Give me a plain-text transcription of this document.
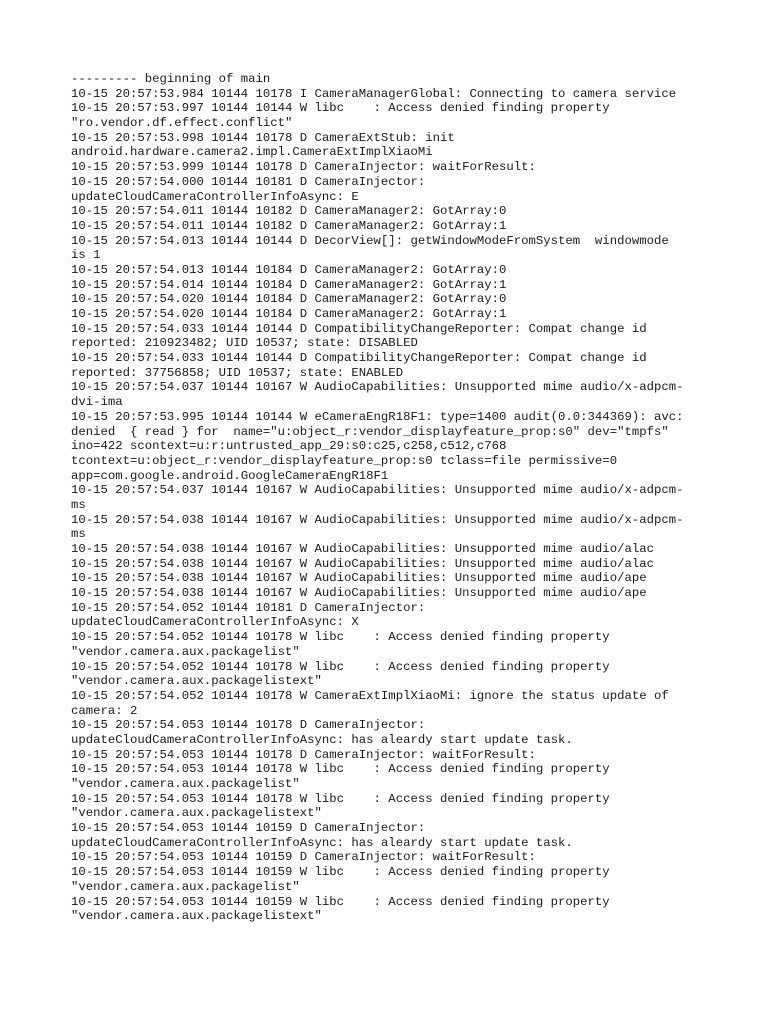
--------- beginning of main
10-15 20:57:53.984 10144 10178 I CameraManagerGlobal: Connecting to camera service
10-15 20:57:53.997 10144 10144 W libc    : Access denied finding property
"ro.vendor.df.effect.conflict"
10-15 20:57:53.998 10144 10178 D CameraExtStub: init
android.hardware.camera2.impl.CameraExtImplXiaoMi
10-15 20:57:53.999 10144 10178 D CameraInjector: waitForResult:
10-15 20:57:54.000 10144 10181 D CameraInjector:
updateCloudCameraControllerInfoAsync: E
10-15 20:57:54.011 10144 10182 D CameraManager2: GotArray:0
10-15 20:57:54.011 10144 10182 D CameraManager2: GotArray:1
10-15 20:57:54.013 10144 10144 D DecorView[]: getWindowModeFromSystem  windowmode
is 1
10-15 20:57:54.013 10144 10184 D CameraManager2: GotArray:0
10-15 20:57:54.014 10144 10184 D CameraManager2: GotArray:1
10-15 20:57:54.020 10144 10184 D CameraManager2: GotArray:0
10-15 20:57:54.020 10144 10184 D CameraManager2: GotArray:1
10-15 20:57:54.033 10144 10144 D CompatibilityChangeReporter: Compat change id
reported: 210923482; UID 10537; state: DISABLED
10-15 20:57:54.033 10144 10144 D CompatibilityChangeReporter: Compat change id
reported: 37756858; UID 10537; state: ENABLED
10-15 20:57:54.037 10144 10167 W AudioCapabilities: Unsupported mime audio/x-adpcm-
dvi-ima
10-15 20:57:53.995 10144 10144 W eCameraEngR18F1: type=1400 audit(0.0:344369): avc:
denied  { read } for  name="u:object_r:vendor_displayfeature_prop:s0" dev="tmpfs"
ino=422 scontext=u:r:untrusted_app_29:s0:c25,c258,c512,c768
tcontext=u:object_r:vendor_displayfeature_prop:s0 tclass=file permissive=0
app=com.google.android.GoogleCameraEngR18F1
10-15 20:57:54.037 10144 10167 W AudioCapabilities: Unsupported mime audio/x-adpcm-
ms
10-15 20:57:54.038 10144 10167 W AudioCapabilities: Unsupported mime audio/x-adpcm-
ms
10-15 20:57:54.038 10144 10167 W AudioCapabilities: Unsupported mime audio/alac
10-15 20:57:54.038 10144 10167 W AudioCapabilities: Unsupported mime audio/alac
10-15 20:57:54.038 10144 10167 W AudioCapabilities: Unsupported mime audio/ape
10-15 20:57:54.038 10144 10167 W AudioCapabilities: Unsupported mime audio/ape
10-15 20:57:54.052 10144 10181 D CameraInjector:
updateCloudCameraControllerInfoAsync: X
10-15 20:57:54.052 10144 10178 W libc    : Access denied finding property
"vendor.camera.aux.packagelist"
10-15 20:57:54.052 10144 10178 W libc    : Access denied finding property
"vendor.camera.aux.packagelistext"
10-15 20:57:54.052 10144 10178 W CameraExtImplXiaoMi: ignore the status update of
camera: 2
10-15 20:57:54.053 10144 10178 D CameraInjector:
updateCloudCameraControllerInfoAsync: has aleardy start update task.
10-15 20:57:54.053 10144 10178 D CameraInjector: waitForResult:
10-15 20:57:54.053 10144 10178 W libc    : Access denied finding property
"vendor.camera.aux.packagelist"
10-15 20:57:54.053 10144 10178 W libc    : Access denied finding property
"vendor.camera.aux.packagelistext"
10-15 20:57:54.053 10144 10159 D CameraInjector:
updateCloudCameraControllerInfoAsync: has aleardy start update task.
10-15 20:57:54.053 10144 10159 D CameraInjector: waitForResult:
10-15 20:57:54.053 10144 10159 W libc    : Access denied finding property
"vendor.camera.aux.packagelist"
10-15 20:57:54.053 10144 10159 W libc    : Access denied finding property
"vendor.camera.aux.packagelistext"
